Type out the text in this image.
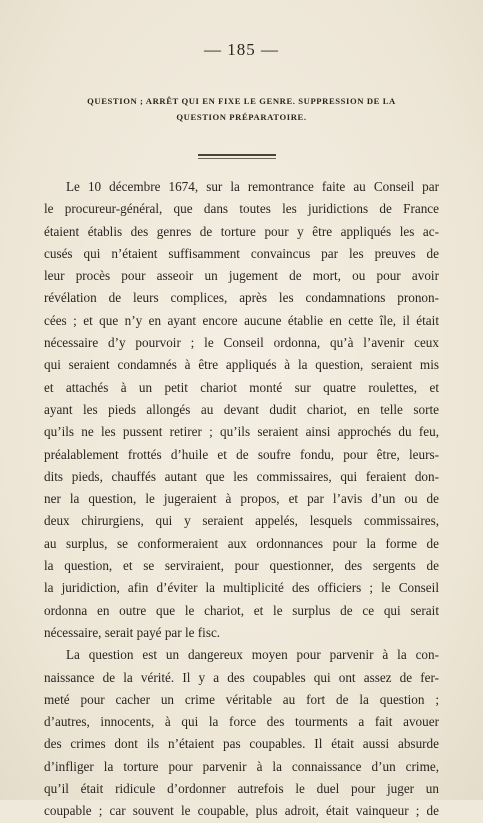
— 185 —
QUESTION ; ARRÊT QUI EN FIXE LE GENRE. SUPPRESSION DE LA
QUESTION PRÉPARATOIRE.
Le 10 décembre 1674, sur la remontrance faite au Conseil par
le procureur-général, que dans toutes les juridictions de France
étaient établis des genres de torture pour y être appliqués les ac-
cusés qui n’étaient suffisamment convaincus par les preuves de
leur procès pour asseoir un jugement de mort, ou pour avoir
révélation de leurs complices, après les condamnations pronon-
cées ; et que n’y en ayant encore aucune établie en cette île, il était
nécessaire d’y pourvoir ; le Conseil ordonna, qu’à l’avenir ceux
qui seraient condamnés à être appliqués à la question, seraient mis
et attachés à un petit chariot monté sur quatre roulettes, et
ayant les pieds allongés au devant dudit chariot, en telle sorte
qu’ils ne les pussent retirer ; qu’ils seraient ainsi approchés du feu,
préalablement frottés d’huile et de soufre fondu, pour être, leurs-
dits pieds, chauffés autant que les commissaires, qui feraient don-
ner la question, le jugeraient à propos, et par l’avis d’un ou de
deux chirurgiens, qui y seraient appelés, lesquels commissaires,
au surplus, se conformeraient aux ordonnances pour la forme de
la question, et se serviraient, pour questionner, des sergents de
la juridiction, afin d’éviter la multiplicité des officiers ; le Conseil
ordonna en outre que le chariot, et le surplus de ce qui serait
nécessaire, serait payé par le fisc.
La question est un dangereux moyen pour parvenir à la con-
naissance de la vérité. Il y a des coupables qui ont assez de fer-
meté pour cacher un crime véritable au fort de la question ;
d’autres, innocents, à qui la force des tourments a fait avouer
des crimes dont ils n’étaient pas coupables. Il était aussi absurde
d’infliger la torture pour parvenir à la connaissance d’un crime,
qu’il était ridicule d’ordonner autrefois le duel pour juger un
coupable ; car souvent le coupable, plus adroit, était vainqueur ; de
